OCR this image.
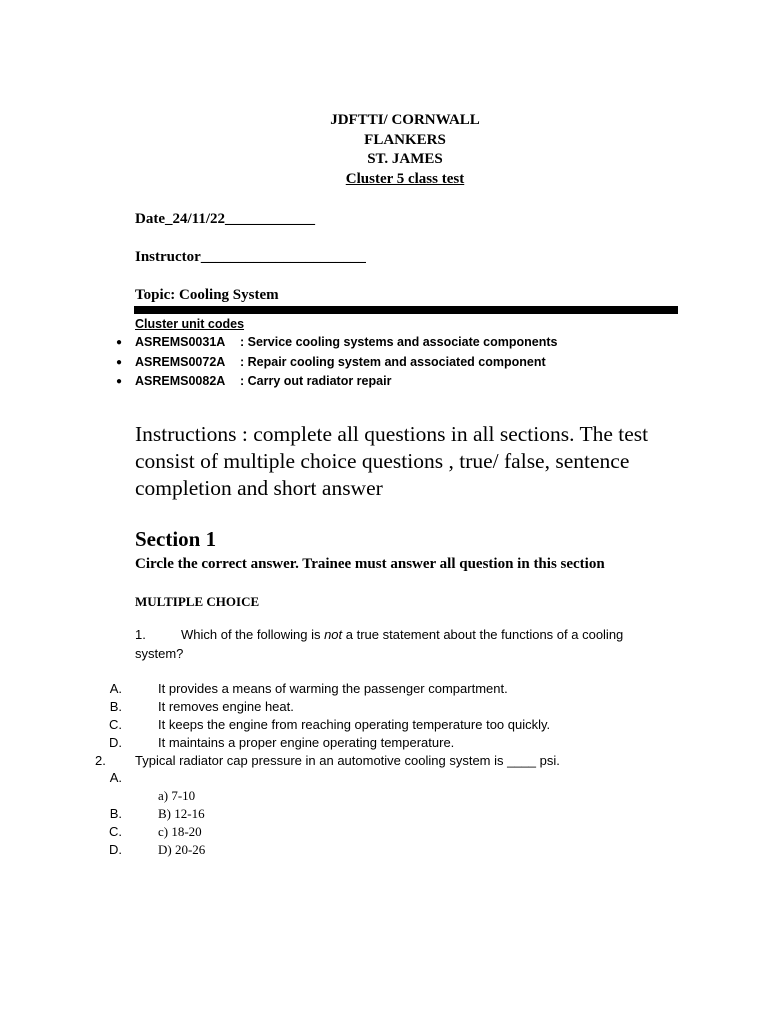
JDFTTI/ CORNWALL
FLANKERS
ST. JAMES
Cluster 5 class test
Date_24/11/22____________
Instructor______________________
Topic: Cooling System
Cluster unit codes
● ASREMS0031A : Service cooling systems and associate components
● ASREMS0072A : Repair cooling system and associated component
● ASREMS0082A : Carry out radiator repair
Instructions : complete all questions in all sections. The test consist of multiple choice questions , true/ false, sentence completion and short answer
Section 1
Circle the correct answer. Trainee must answer all question in this section
MULTIPLE CHOICE
1.	Which of the following is not a true statement about the functions of a cooling
system?
A.	It provides a means of warming the passenger compartment.
B.	It removes engine heat.
C.	It keeps the engine from reaching operating temperature too quickly.
D.	It maintains a proper engine operating temperature.
2. Typical radiator cap pressure in an automotive cooling system is ____ psi.
A.
a) 7-10
B.	B) 12-16
C.	c) 18-20
D.	D) 20-26
